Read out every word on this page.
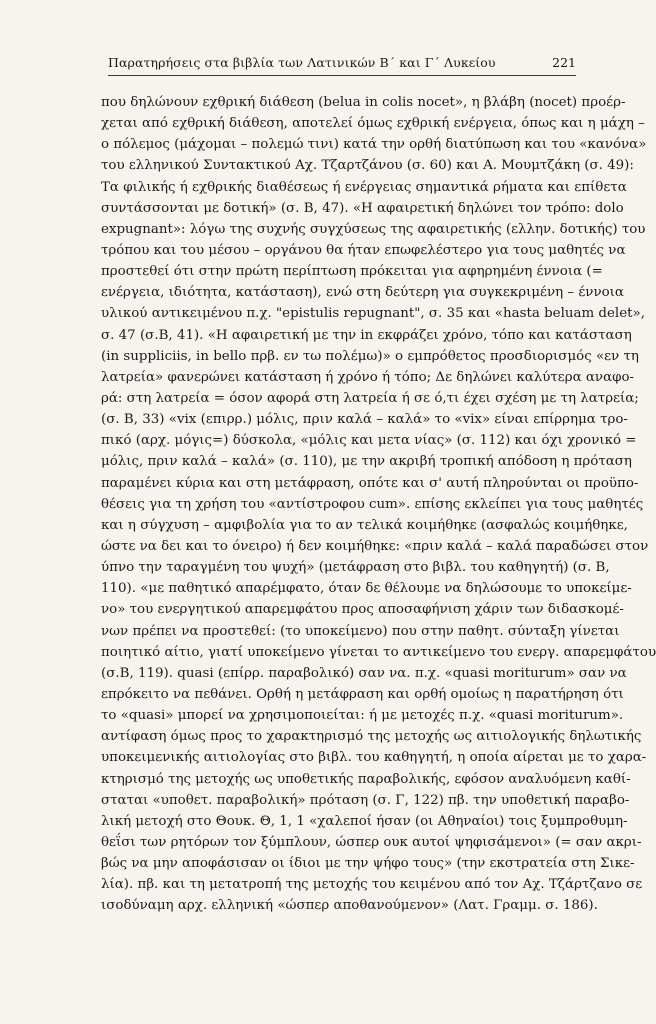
Παρατηρήσεις στα βιβλία των Λατινικών Β΄ και Γ΄ Λυκείου	221
που δηλώνουν εχθρική διάθεση (belua in colis nocet», η βλάβη (nocet) προέρ-
χεται από εχθρική διάθεση, αποτελεί όμως εχθρική ενέργεια, όπως και η μάχη –
ο πόλεμος (μάχομαι – πολεμώ τινι) κατά την ορθή διατύπωση και του «κανόνα»
του ελληνικού Συντακτικού Αχ. Τζαρτζάνου (σ. 60) και Α. Μουμτζάκη (σ. 49):
Τα φιλικής ή εχθρικής διαθέσεως ή ενέργειας σημαντικά ρήματα και επίθετα
συντάσσονται με δοτική» (σ. Β, 47). «Η αφαιρετική δηλώνει τον τρόπο: dolo
expugnant»: λόγω της συχνής συγχύσεως της αφαιρετικής (ελλην. δοτικής) του
τρόπου και του μέσου – οργάνου θα ήταν επωφελέστερο για τους μαθητές να
προστεθεί ότι στην πρώτη περίπτωση πρόκειται για αφηρημένη έννοια (=
ενέργεια, ιδιότητα, κατάσταση), ενώ στη δεύτερη για συγκεκριμένη – έννοια
υλικού αντικειμένου π.χ. "epistulis repugnant", σ. 35 και «hasta beluam delet»,
σ. 47 (σ.Β, 41). «Η αφαιρετική με την in εκφράζει χρόνο, τόπο και κατάσταση
(in suppliciis, in bello πρβ. εν τω πολέμω)» ο εμπρόθετος προσδιορισμός «εν τη
λατρεία» φανερώνει κατάσταση ή χρόνο ή τόπο; Δε δηλώνει καλύτερα αναφο-
ρά: στη λατρεία = όσον αφορά στη λατρεία ή σε ό,τι έχει σχέση με τη λατρεία;
(σ. Β, 33) «vix (επιρρ.) μόλις, πριν καλά – καλά» το «vix» είναι επίρρημα τρο-
πικό (αρχ. μόγις=) δύσκολα, «μόλις και μετα νίας» (σ. 112) και όχι χρονικό =
μόλις, πριν καλά – καλά» (σ. 110), με την ακριβή τροπική απόδοση η πρόταση
παραμένει κύρια και στη μετάφραση, οπότε και σ' αυτή πληρούνται οι προϋπο-
θέσεις για τη χρήση του «αντίστροφου cum». επίσης εκλείπει για τους μαθητές
και η σύγχυση – αμφιβολία για το αν τελικά κοιμήθηκε (ασφαλώς κοιμήθηκε,
ώστε να δει και το όνειρο) ή δεν κοιμήθηκε: «πριν καλά – καλά παραδώσει στον
ύπνο την ταραγμένη του ψυχή» (μετάφραση στο βιβλ. του καθηγητή) (σ. Β,
110). «με παθητικό απαρέμφατο, όταν δε θέλουμε να δηλώσουμε το υποκείμε-
νο» του ενεργητικού απαρεμφάτου προς αποσαφήνιση χάριν των διδασκομέ-
νων πρέπει να προστεθεί: (το υποκείμενο) που στην παθητ. σύνταξη γίνεται
ποιητικό αίτιο, γιατί υποκείμενο γίνεται το αντικείμενο του ενεργ. απαρεμφάτου
(σ.Β, 119). quasi (επίρρ. παραβολικό) σαν να. π.χ. «quasi moriturum» σαν να
επρόκειτο να πεθάνει. Ορθή η μετάφραση και ορθή ομοίως η παρατήρηση ότι
το «quasi» μπορεί να χρησιμοποιείται: ή με μετοχές π.χ. «quasi moriturum».
αντίφαση όμως προς το χαρακτηρισμό της μετοχής ως αιτιολογικής δηλωτικής
υποκειμενικής αιτιολογίας στο βιβλ. του καθηγητή, η οποία αίρεται με το χαρα-
κτηρισμό της μετοχής ως υποθετικής παραβολικής, εφόσον αναλυόμενη καθί-
σταται «υποθετ. παραβολική» πρόταση (σ. Γ, 122) πβ. την υποθετική παραβο-
λική μετοχή στο Θουκ. Θ, 1, 1 «χαλεποί ήσαν (οι Αθηναίοι) τοις ξυμπροθυμη-
θεΐσι των ρητόρων τον ξύμπλουν, ώσπερ ουκ αυτοί ψηφισάμενοι» (= σαν ακρι-
βώς να μην αποφάσισαν οι ίδιοι με την ψήφο τους» (την εκστρατεία στη Σικε-
λία). πβ. και τη μετατροπή της μετοχής του κειμένου από τον Αχ. Τζάρτζανο σε
ισοδύναμη αρχ. ελληνική «ώσπερ αποθανούμενον» (Λατ. Γραμμ. σ. 186).
